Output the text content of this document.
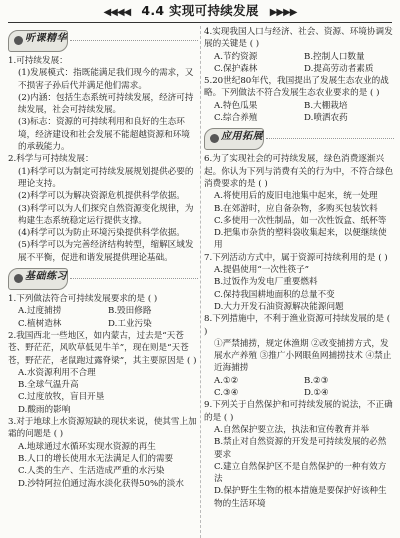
◀◀◀◀ 4.4 实现可持续发展 ▶▶▶▶
听课精华

1.可持续发展：

(1)发展模式：指既能满足我们现今的需求，又不损害子孙后代并满足他们需求。

(2)内涵：包括生态系统可持续发展，经济可持续发展，社会可持续发展。

(3)标志：资源的可持续利用和良好的生态环境，经济建设和社会发展不能超越资源和环境的承载能力。

2.科学与可持续发展：

(1)科学可以为制定可持续发展规划提供必要的理论支持。

(2)科学可以为解决资源危机提供科学依据。

(3)科学可以为人们探究自然资源变化规律，为构建生态系统稳定运行提供支撑。

(4)科学可以为防止环境污染提供科学依据。

(5)科学可以为完善经济结构转型，缩解区域发展不平衡，促进和谐发展提供理论基础。

基础练习

1.下列做法符合可持续发展要求的是 ( )

A.过度捕捞	B.毁田修路
C.植树造林	D.工业污染

2.我国西北一些地区，如内蒙古，过去是“天苍苍、野茫茫，风吹草低见牛羊”，现在则是“天苍苍，野茫茫，老鼠跑过露脊梁”，其主要原因是 ( )

A.水资源利用不合理

B.全球气温升高

C.过度放牧，盲目开垦

D.酸雨的影响

3.对于地球上水资源短缺的现状来说，使其雪上加霜的问题是 ( )

A.地球通过水循环实现水资源的再生

B.人口的增长使用水无法满足人们的需要

C.人类的生产、生活造成严重的水污染

D.沙特阿拉伯通过海水淡化获得50%的淡水

4.实现我国人口与经济、社会、资源、环境协调发展的关键是 ( )

A.节约资源	B.控制人口数量
C.保护森林	D.提高劳动者素质

5.20世纪80年代，我国提出了发展生态农业的战略。下列做法不符合发展生态农业要求的是 ( )

A.特色瓜果	B.大棚栽培
C.综合养殖	D.喷洒农药
应用拓展

6.为了实现社会的可持续发展，绿色消费逐渐兴起。你认为下列与消费有关的行为中，不符合绿色消费要求的是 ( )

A.将使用后的废旧电池集中起来，统一处理

B.在郊游时，应自备杂物，多购买包装饮料

C.多使用一次性制品，如一次性饭盒、纸杯等

D.把集市杂货的塑料袋收集起来，以便继续使用

7.下列活动方式中，属于资源可持续利用的是 ( )

A.提倡使用“一次性筷子”

B.过饭作为发电厂重要燃料

C.保持我国耕地面积的总量不变

D.大力开发石油资源解决能源问题

8.下列措施中，不利于渔业资源可持续发展的是 ( )

①严禁捕捞，规定休渔期 ②改变捕捞方式，发展水产养殖 ③推广小网眼鱼网捕捞技术 ④禁止近海捕捞

A.①②	B.②③
C.③④	D.①④

9.下列关于自然保护和可持续发展的说法，不正确的是 ( )

A.自然保护要立法，执法和宣传教育并举

B.禁止对自然资源的开发是可持续发展的必然要求

C.建立自然保护区不是自然保护的一种有效方法

D.保护野生生物的根本措施是要保护好该种生物的生活环境
